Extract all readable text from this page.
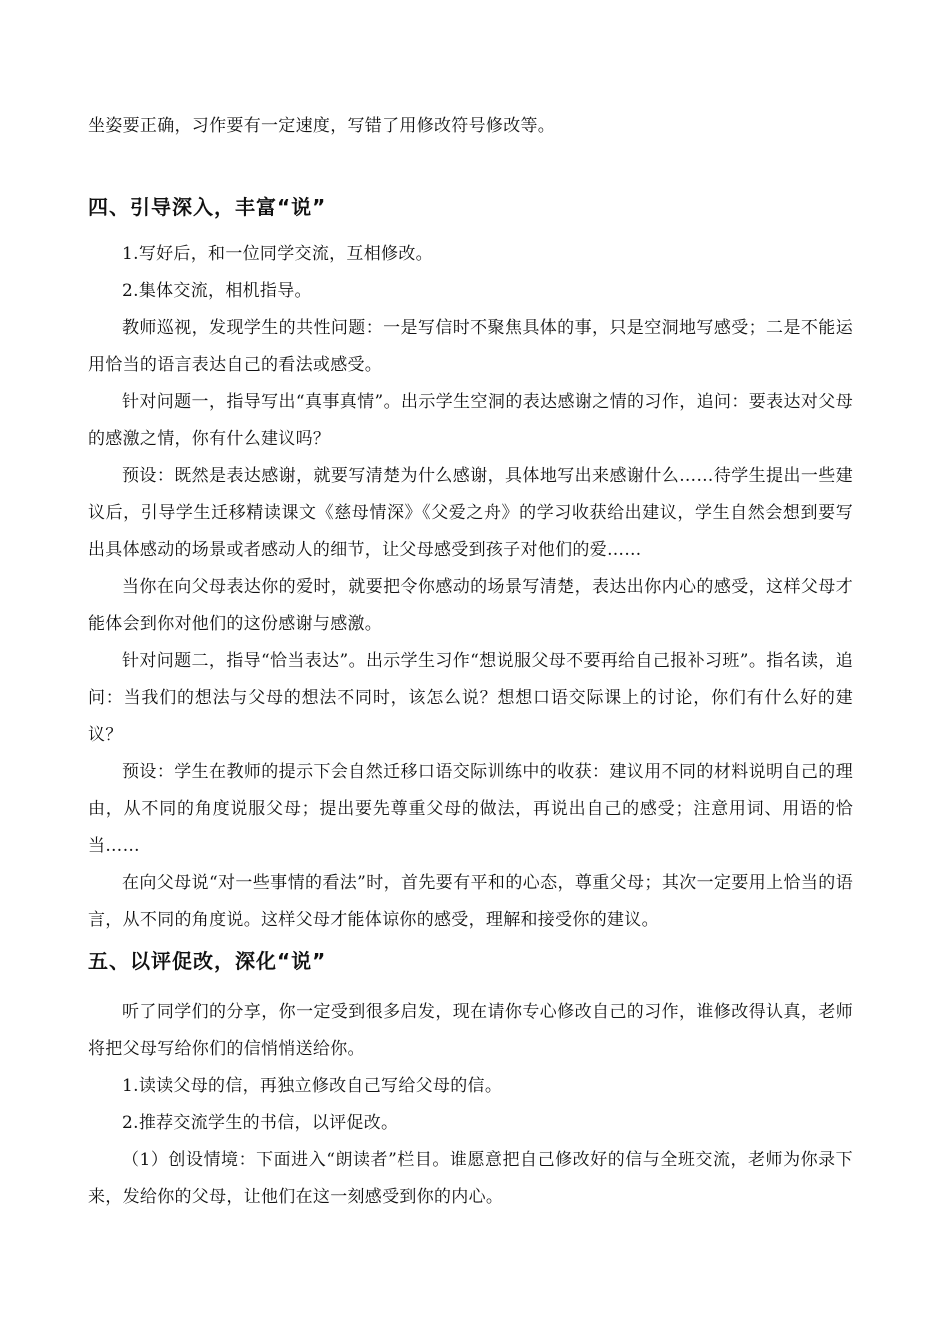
坐姿要正确，习作要有一定速度，写错了用修改符号修改等。

四、引导深入，丰富“说”

1.写好后，和一位同学交流，互相修改。

2.集体交流，相机指导。

教师巡视，发现学生的共性问题：一是写信时不聚焦具体的事，只是空洞地写感受；二是不能运用恰当的语言表达自己的看法或感受。

针对问题一，指导写出“真事真情”。出示学生空洞的表达感谢之情的习作，追问：要表达对父母的感激之情，你有什么建议吗？

预设：既然是表达感谢，就要写清楚为什么感谢，具体地写出来感谢什么……待学生提出一些建议后，引导学生迁移精读课文《慈母情深》《父爱之舟》的学习收获给出建议，学生自然会想到要写出具体感动的场景或者感动人的细节，让父母感受到孩子对他们的爱……

当你在向父母表达你的爱时，就要把令你感动的场景写清楚，表达出你内心的感受，这样父母才能体会到你对他们的这份感谢与感激。

针对问题二，指导“恰当表达”。出示学生习作“想说服父母不要再给自己报补习班”。指名读，追问：当我们的想法与父母的想法不同时，该怎么说？想想口语交际课上的讨论，你们有什么好的建议？

预设：学生在教师的提示下会自然迁移口语交际训练中的收获：建议用不同的材料说明自己的理由，从不同的角度说服父母；提出要先尊重父母的做法，再说出自己的感受；注意用词、用语的恰当……

在向父母说“对一些事情的看法”时，首先要有平和的心态，尊重父母；其次一定要用上恰当的语言，从不同的角度说。这样父母才能体谅你的感受，理解和接受你的建议。

五、以评促改，深化“说”

听了同学们的分享，你一定受到很多启发，现在请你专心修改自己的习作，谁修改得认真，老师将把父母写给你们的信悄悄送给你。

1.读读父母的信，再独立修改自己写给父母的信。

2.推荐交流学生的书信，以评促改。

（1）创设情境：下面进入“朗读者”栏目。谁愿意把自己修改好的信与全班交流，老师为你录下来，发给你的父母，让他们在这一刻感受到你的内心。
